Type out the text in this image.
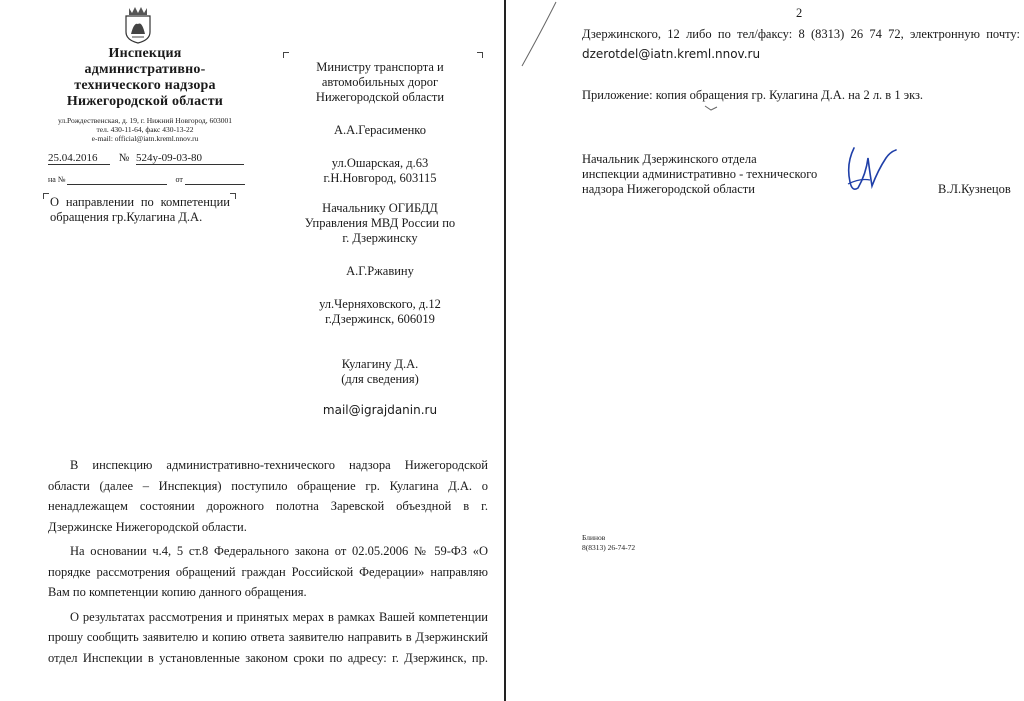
Инспекция
административно-
технического надзора
Нижегородской области
ул.Рождественская, д. 19, г. Нижний Новгород, 603001
тел. 430-11-64, факс 430-13-22
e-mail: official@iatn.kreml.nnov.ru
25.04.2016 № 524у-09-03-80
на №	от
О направлении по компетенции
обращения гр.Кулагина Д.А.
Министру транспорта и
автомобильных дорог
Нижегородской области
А.А.Герасименко
ул.Ошарская, д.63
г.Н.Новгород, 603115
Начальнику ОГИБДД
Управления МВД России по
г. Дзержинску
А.Г.Ржавину
ул.Черняховского, д.12
г.Дзержинск, 606019
Кулагину Д.А.
(для сведения)
mail@igrajdanin.ru
В инспекцию административно-технического надзора Нижегородской
области (далее – Инспекция) поступило обращение гр. Кулагина Д.А. о
ненадлежащем состоянии дорожного полотна Заревской объездной в г.
Дзержинске Нижегородской области.
На основании ч.4, 5 ст.8 Федерального закона от 02.05.2006 № 59-ФЗ «О
порядке рассмотрения обращений граждан Российской Федерации» направляю
Вам по компетенции копию данного обращения.
О результатах рассмотрения и принятых мерах в рамках Вашей компетенции
прошу сообщить заявителю и копию ответа заявителю направить в Дзержинский
отдел Инспекции в установленные законом сроки по адресу: г. Дзержинск, пр.
2
Дзержинского, 12 либо по тел/факсу: 8 (8313) 26 74 72, электронную почту:
dzerotdel@iatn.kreml.nnov.ru
Приложение: копия обращения гр. Кулагина Д.А. на 2 л. в 1 экз.
Начальник Дзержинского отдела
инспекции административно - технического
надзора Нижегородской области	В.Л.Кузнецов
Блинов
8(8313) 26-74-72
